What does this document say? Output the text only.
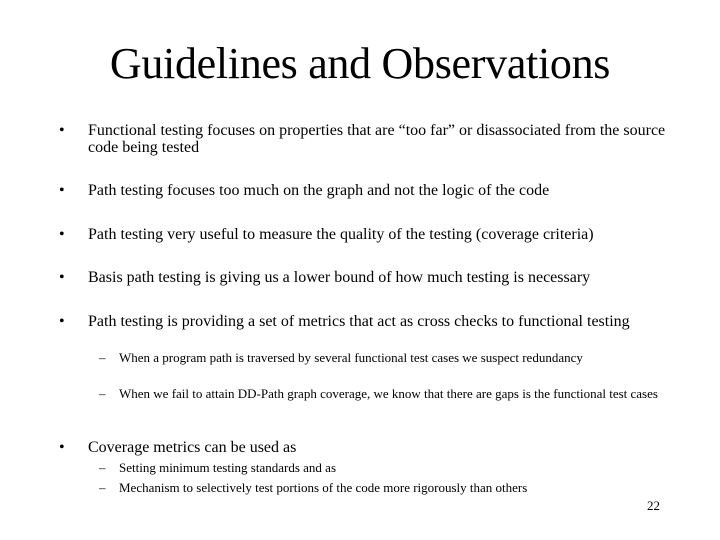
Guidelines and Observations
• Functional testing focuses on properties that are “too far” or disassociated from the source code being tested
• Path testing focuses too much on the graph and not the logic of the code
• Path testing very useful to measure the quality of the testing (coverage criteria)
• Basis path testing is giving us a lower bound of how much testing is necessary
• Path testing is providing a set of metrics that act as cross checks to functional testing
– When a program path is traversed by several functional test cases we suspect redundancy
– When we fail to attain DD-Path graph coverage, we know that there are gaps is the functional test cases
• Coverage metrics can be used as
– Setting minimum testing standards and as
– Mechanism to selectively test portions of the code more rigorously than others
22
